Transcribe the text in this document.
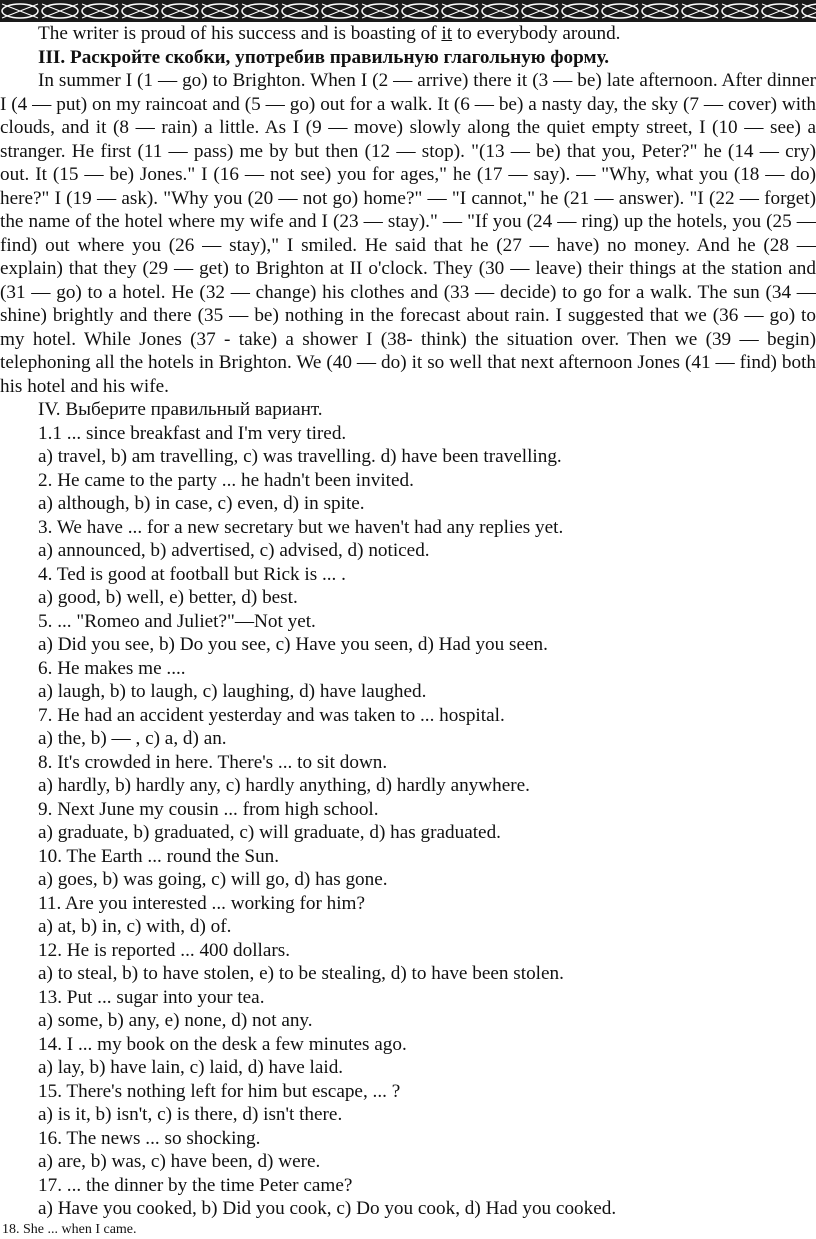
The writer is proud of his success and is boasting of it to everybody around.
III. Раскройте скобки, употребив правильную глагольную форму.

In summer I (1 — go) to Brighton. When I (2 — arrive) there it (3 — be) late afternoon. After dinner I (4 — put) on my raincoat and (5 — go) out for a walk. It (6 — be) a nasty day, the sky (7 — cover) with clouds, and it (8 — rain) a little. As I (9 — move) slowly along the quiet empty street, I (10 — see) a stranger. He first (11 — pass) me by but then (12 — stop). "(13 — be) that you, Peter?" he (14 — cry) out. It (15 — be) Jones." I (16 — not see) you for ages," he (17 — say). — "Why, what you (18 — do) here?" I (19 — ask). "Why you (20 — not go) home?" — "I cannot," he (21 — answer). "I (22 — forget) the name of the hotel where my wife and I (23 — stay)." — "If you (24 — ring) up the hotels, you (25 — find) out where you (26 — stay)," I smiled. He said that he (27 — have) no money. And he (28 — explain) that they (29 — get) to Brighton at II o'clock. They (30 — leave) their things at the station and (31 — go) to a hotel. He (32 — change) his clothes and (33 — decide) to go for a walk. The sun (34 — shine) brightly and there (35 — be) nothing in the forecast about rain. I suggested that we (36 — go) to my hotel. While Jones (37 - take) a shower I (38- think) the situation over. Then we (39 — begin) telephoning all the hotels in Brighton. We (40 — do) it so well that next afternoon Jones (41 — find) both his hotel and his wife.

IV. Выберите правильный вариант.
1.1 ... since breakfast and I'm very tired.
a) travel, b) am travelling, c) was travelling. d) have been travelling.
2. He came to the party ... he hadn't been invited.
a) although, b) in case, c) even, d) in spite.
3. We have ... for a new secretary but we haven't had any replies yet.
a) announced, b) advertised, c) advised, d) noticed.
4. Ted is good at football but Rick is ... .
a) good, b) well, e) better, d) best.
5. ... "Romeo and Juliet?"—Not yet.
a) Did you see, b) Do you see, c) Have you seen, d) Had you seen.
6. He makes me ....
a) laugh, b) to laugh, c) laughing, d) have laughed.
7. He had an accident yesterday and was taken to ... hospital.
a) the, b) — , c) a, d) an.
8. It's crowded in here. There's ... to sit down.
a) hardly, b) hardly any, c) hardly anything, d) hardly anywhere.
9. Next June my cousin ... from high school.
a) graduate, b) graduated, c) will graduate, d) has graduated.
10. The Earth ... round the Sun.
a) goes, b) was going, c) will go, d) has gone.
11. Are you interested ... working for him?
a) at, b) in, c) with, d) of.
12. He is reported ... 400 dollars.
a) to steal, b) to have stolen, e) to be stealing, d) to have been stolen.
13. Put ... sugar into your tea.
a) some, b) any, e) none, d) not any.
14. I ... my book on the desk a few minutes ago.
a) lay, b) have lain, c) laid, d) have laid.
15. There's nothing left for him but escape, ... ?
a) is it, b) isn't, c) is there, d) isn't there.
16. The news ... so shocking.
a) are, b) was, c) have been, d) were.
17. ... the dinner by the time Peter came?
a) Have you cooked, b) Did you cook, c) Do you cook, d) Had you cooked.
18. She ... when I came.
